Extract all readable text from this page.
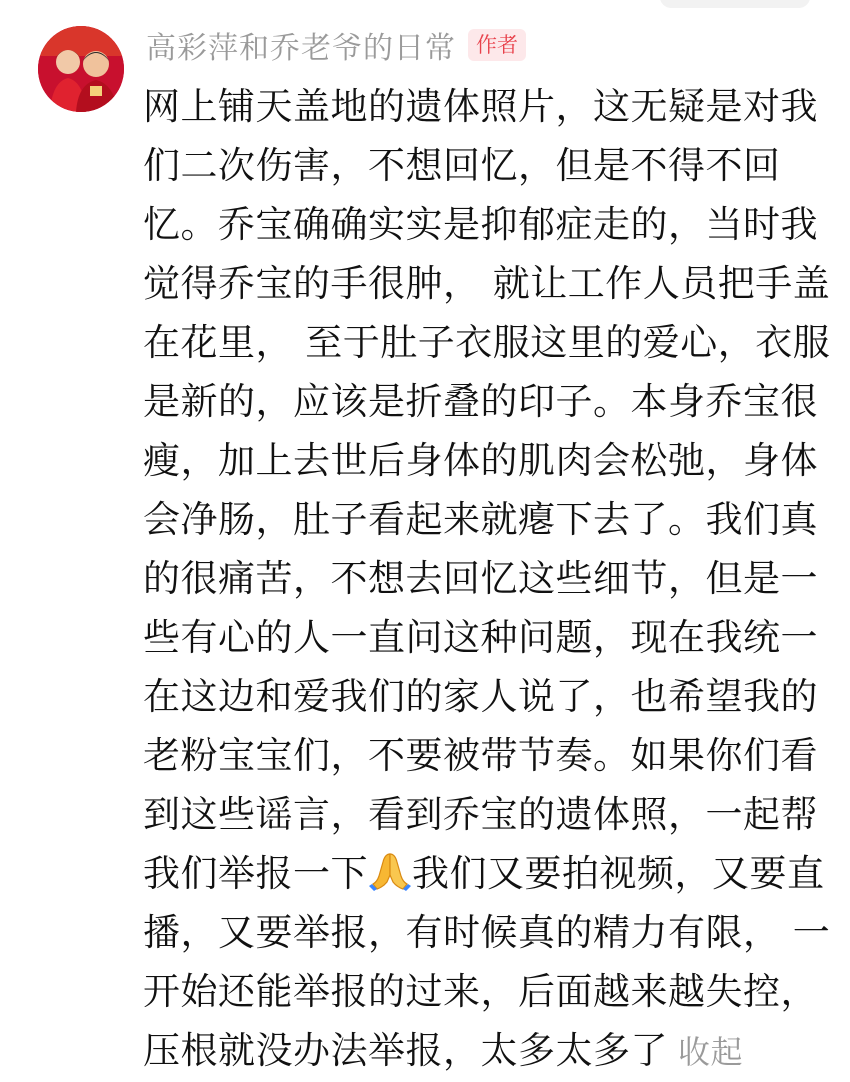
高彩萍和乔老爷的日常 作者
网上铺天盖地的遗体照片，这无疑是对我
们二次伤害，不想回忆，但是不得不回
忆。乔宝确确实实是抑郁症走的，当时我
觉得乔宝的手很肿， 就让工作人员把手盖
在花里， 至于肚子衣服这里的爱心，衣服
是新的，应该是折叠的印子。本身乔宝很
瘦，加上去世后身体的肌肉会松弛，身体
会净肠，肚子看起来就瘪下去了。我们真
的很痛苦，不想去回忆这些细节，但是一
些有心的人一直问这种问题，现在我统一
在这边和爱我们的家人说了，也希望我的
老粉宝宝们，不要被带节奏。如果你们看
到这些谣言，看到乔宝的遗体照，一起帮
我们举报一下 我们又要拍视频，又要直
播，又要举报，有时候真的精力有限， 一
开始还能举报的过来，后面越来越失控，
压根就没办法举报，太多太多了 收起
